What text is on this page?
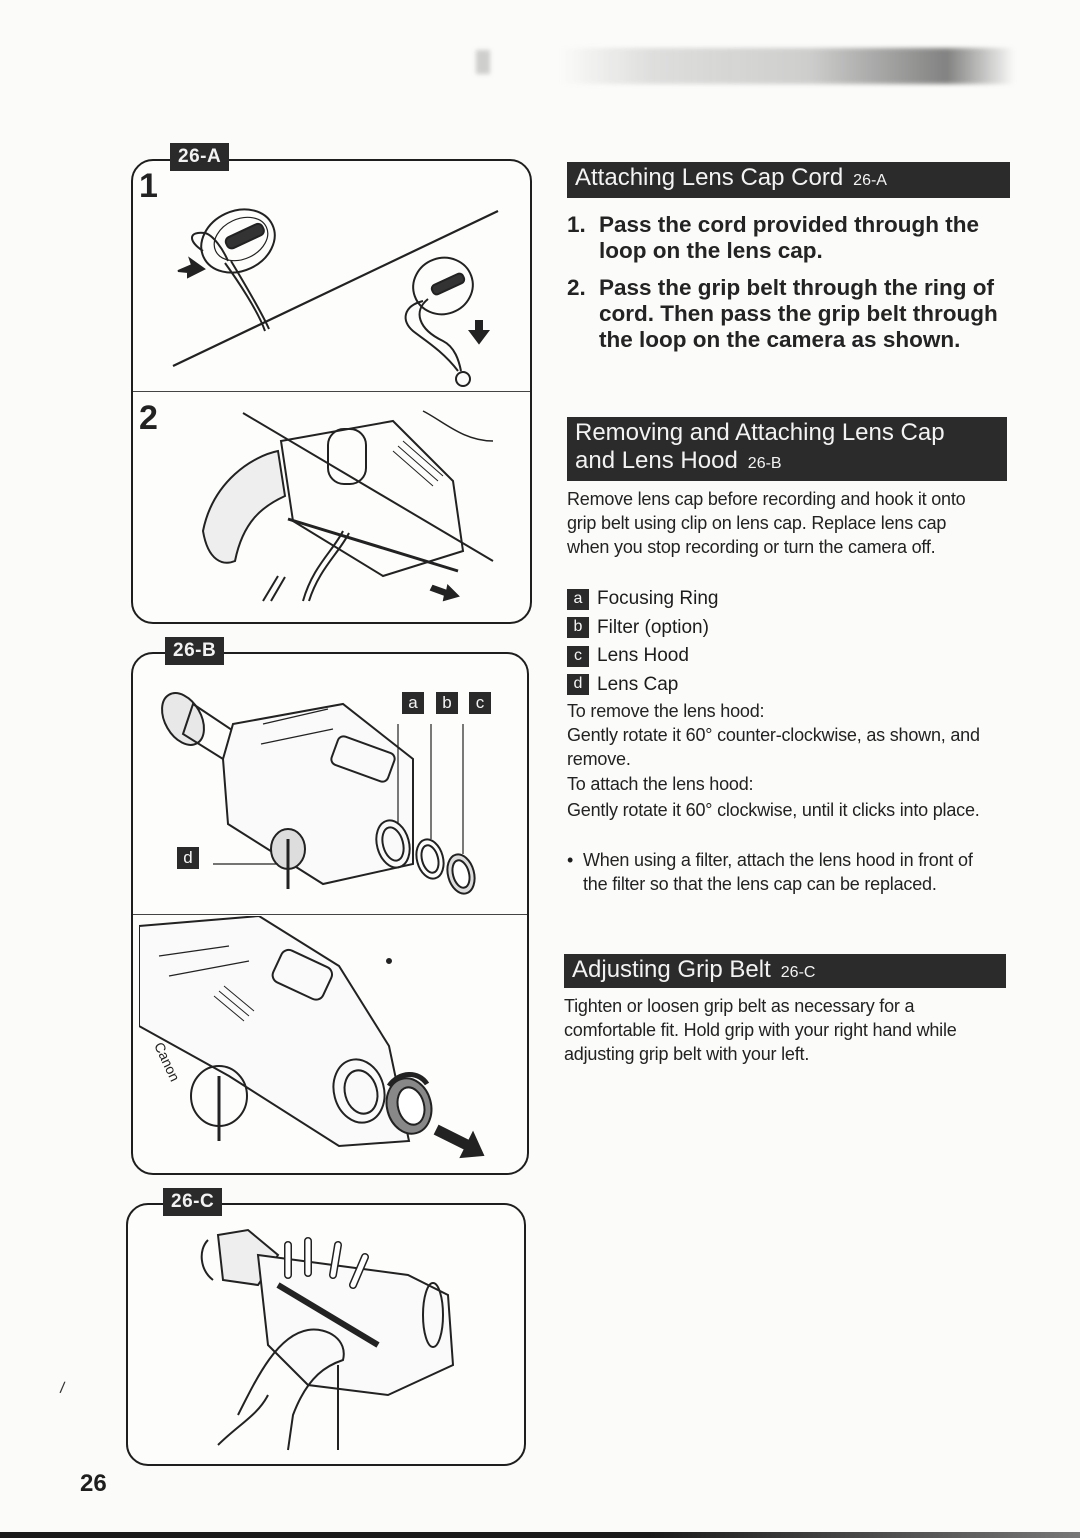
1
2
26-A
a	b	c
d
Canon
26-B
26-C
Attaching Lens Cap Cord 26-A
1. Pass the cord provided through the loop on the lens cap.
2. Pass the grip belt through the ring of cord. Then pass the grip belt through the loop on the camera as shown.
Removing and Attaching Lens Cap
and Lens Hood 26-B
Remove lens cap before recording and hook it onto grip belt using clip on lens cap. Replace lens cap when you stop recording or turn the camera off.
a Focusing Ring
b Filter (option)
c Lens Hood
d Lens Cap
To remove the lens hood:
Gently rotate it 60° counter-clockwise, as shown, and remove.
To attach the lens hood:
Gently rotate it 60° clockwise, until it clicks into place.
• When using a filter, attach the lens hood in front of the filter so that the lens cap can be replaced.
Adjusting Grip Belt 26-C
Tighten or loosen grip belt as necessary for a comfortable fit. Hold grip with your right hand while adjusting grip belt with your left.
26
/
